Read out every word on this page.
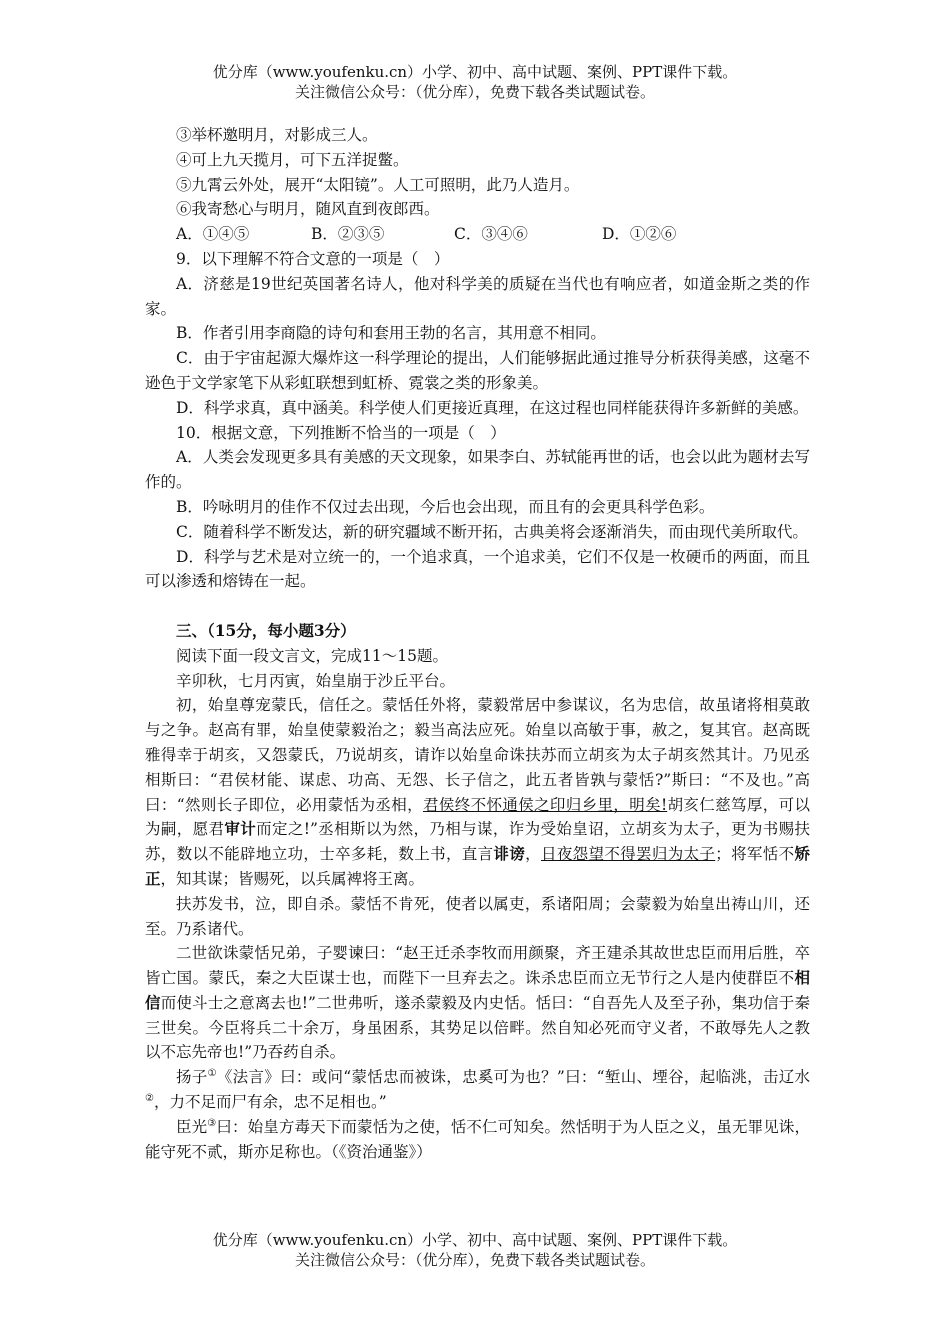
优分库（www.youfenku.cn）小学、初中、高中试题、案例、PPT课件下载。
关注微信公众号：（优分库），免费下载各类试题试卷。

③举杯邀明月，对影成三人。

④可上九天揽月，可下五洋捉鳖。

⑤九霄云外处，展开“太阳镜”。人工可照明，此乃人造月。

⑥我寄愁心与明月，随风直到夜郎西。

A．①④⑤	B．②③⑤	C．③④⑥	D．①②⑥

9．以下理解不符合文意的一项是（　）

A．济慈是19世纪英国著名诗人，他对科学美的质疑在当代也有响应者，如道金斯之类的作家。

B．作者引用李商隐的诗句和套用王勃的名言，其用意不相同。

C．由于宇宙起源大爆炸这一科学理论的提出，人们能够据此通过推导分析获得美感，这毫不逊色于文学家笔下从彩虹联想到虹桥、霓裳之类的形象美。

D．科学求真，真中涵美。科学使人们更接近真理，在这过程也同样能获得许多新鲜的美感。

10．根据文意，下列推断不恰当的一项是（　）

A．人类会发现更多具有美感的天文现象，如果李白、苏轼能再世的话，也会以此为题材去写作的。

B．吟咏明月的佳作不仅过去出现，今后也会出现，而且有的会更具科学色彩。

C．随着科学不断发达，新的研究疆域不断开拓，古典美将会逐渐消失，而由现代美所取代。

D．科学与艺术是对立统一的，一个追求真，一个追求美，它们不仅是一枚硬币的两面，而且可以渗透和熔铸在一起。

三、（15分，每小题3分）

阅读下面一段文言文，完成11～15题。

辛卯秋，七月丙寅，始皇崩于沙丘平台。

初，始皇尊宠蒙氏，信任之。蒙恬任外将，蒙毅常居中参谋议，名为忠信，故虽诸将相莫敢与之争。赵高有罪，始皇使蒙毅治之；毅当高法应死。始皇以高敏于事，赦之，复其官。赵高既雅得幸于胡亥，又怨蒙氏，乃说胡亥，请诈以始皇命诛扶苏而立胡亥为太子胡亥然其计。乃见丞相斯曰：“君侯材能、谋虑、功高、无怨、长子信之，此五者皆孰与蒙恬?”斯曰：“不及也。”高曰：“然则长子即位，必用蒙恬为丞相，君侯终不怀通侯之印归乡里，明矣!胡亥仁慈笃厚，可以为嗣，愿君审计而定之!”丞相斯以为然，乃相与谋，诈为受始皇诏，立胡亥为太子，更为书赐扶苏，数以不能辟地立功，士卒多耗，数上书，直言诽谤，日夜怨望不得罢归为太子；将军恬不矫正，知其谋；皆赐死，以兵属裨将王离。

扶苏发书，泣，即自杀。蒙恬不肯死，使者以属吏，系诸阳周；会蒙毅为始皇出祷山川，还至。乃系诸代。

二世欲诛蒙恬兄弟，子婴谏曰：“赵王迁杀李牧而用颜聚，齐王建杀其故世忠臣而用后胜，卒皆亡国。蒙氏，秦之大臣谋士也，而陛下一旦弃去之。诛杀忠臣而立无节行之人是内使群臣不相信而使斗士之意离去也!”二世弗听，遂杀蒙毅及内史恬。恬曰：“自吾先人及至子孙，集功信于秦三世矣。今臣将兵二十余万，身虽困系，其势足以倍畔。然自知必死而守义者，不敢辱先人之教以不忘先帝也!”乃吞药自杀。

扬子①《法言》曰：或问“蒙恬忠而被诛，忠奚可为也？”曰：“堑山、堙谷，起临洮，击辽水②，力不足而尸有余，忠不足相也。”

臣光③曰：始皇方毒天下而蒙恬为之使，恬不仁可知矣。然恬明于为人臣之义，虽无罪见诛，能守死不贰，斯亦足称也。（《资治通鉴》）

优分库（www.youfenku.cn）小学、初中、高中试题、案例、PPT课件下载。
关注微信公众号：（优分库），免费下载各类试题试卷。
